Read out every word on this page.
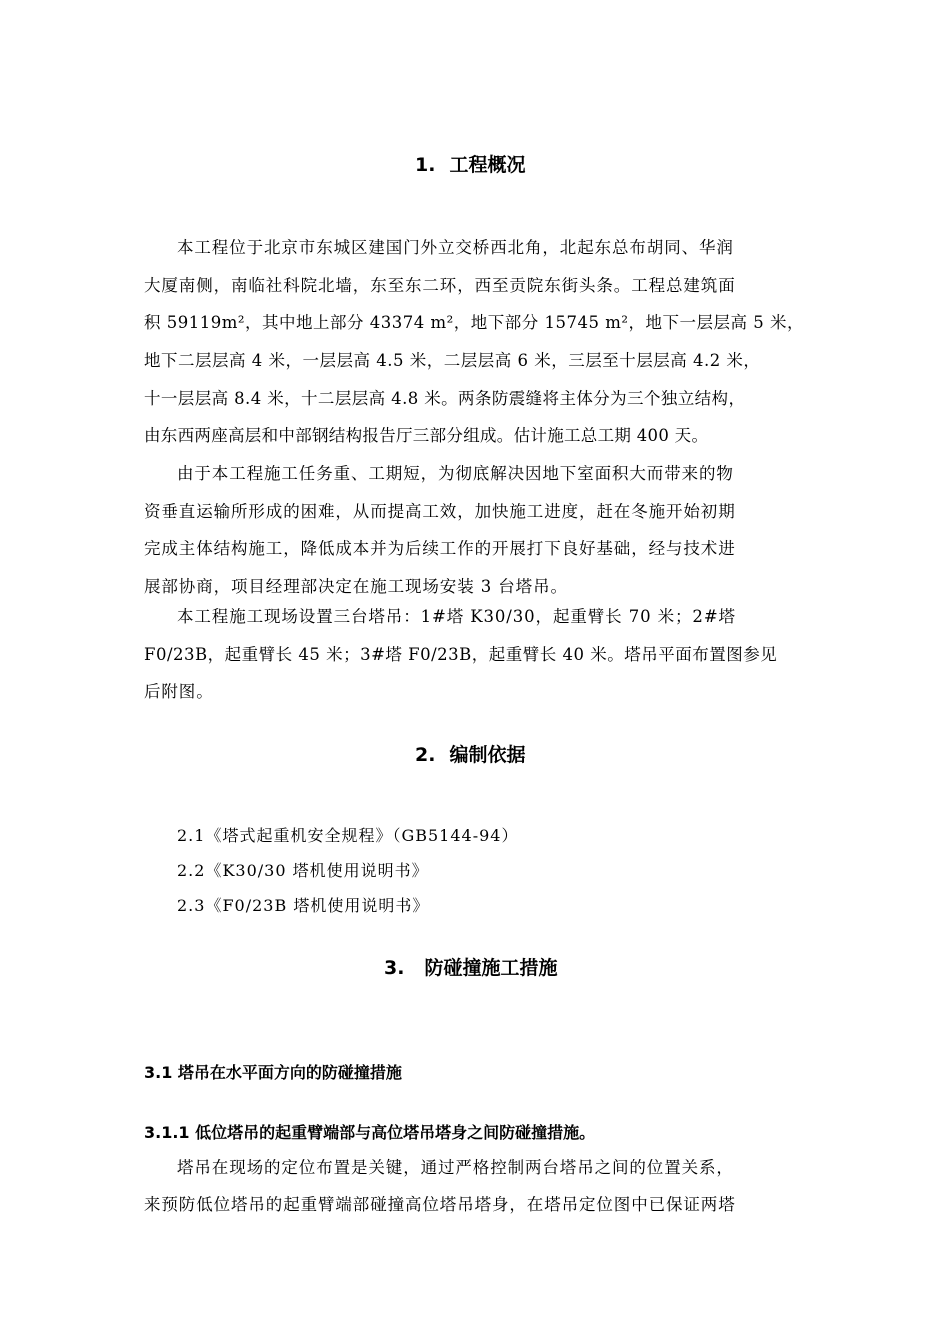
1. 工程概况
本工程位于北京市东城区建国门外立交桥西北角，北起东总布胡同、华润
大厦南侧，南临社科院北墙，东至东二环，西至贡院东街头条。工程总建筑面
积 59119m²，其中地上部分 43374 m²，地下部分 15745 m²，地下一层层高 5 米，
地下二层层高 4 米，一层层高 4.5 米，二层层高 6 米，三层至十层层高 4.2 米，
十一层层高 8.4 米，十二层层高 4.8 米。两条防震缝将主体分为三个独立结构，
由东西两座高层和中部钢结构报告厅三部分组成。估计施工总工期 400 天。
由于本工程施工任务重、工期短，为彻底解决因地下室面积大而带来的物
资垂直运输所形成的困难，从而提高工效，加快施工进度，赶在冬施开始初期
完成主体结构施工，降低成本并为后续工作的开展打下良好基础，经与技术进
展部协商，项目经理部决定在施工现场安装 3 台塔吊。
本工程施工现场设置三台塔吊：1#塔 K30/30，起重臂长 70 米；2#塔
F0/23B，起重臂长 45 米；3#塔 F0/23B，起重臂长 40 米。塔吊平面布置图参见
后附图。
2. 编制依据
2.1《塔式起重机安全规程》（GB5144-94）
2.2《K30/30 塔机使用说明书》
2.3《F0/23B 塔机使用说明书》
3. 防碰撞施工措施
3.1 塔吊在水平面方向的防碰撞措施
3.1.1 低位塔吊的起重臂端部与高位塔吊塔身之间防碰撞措施。
塔吊在现场的定位布置是关键，通过严格控制两台塔吊之间的位置关系，
来预防低位塔吊的起重臂端部碰撞高位塔吊塔身，在塔吊定位图中已保证两塔
